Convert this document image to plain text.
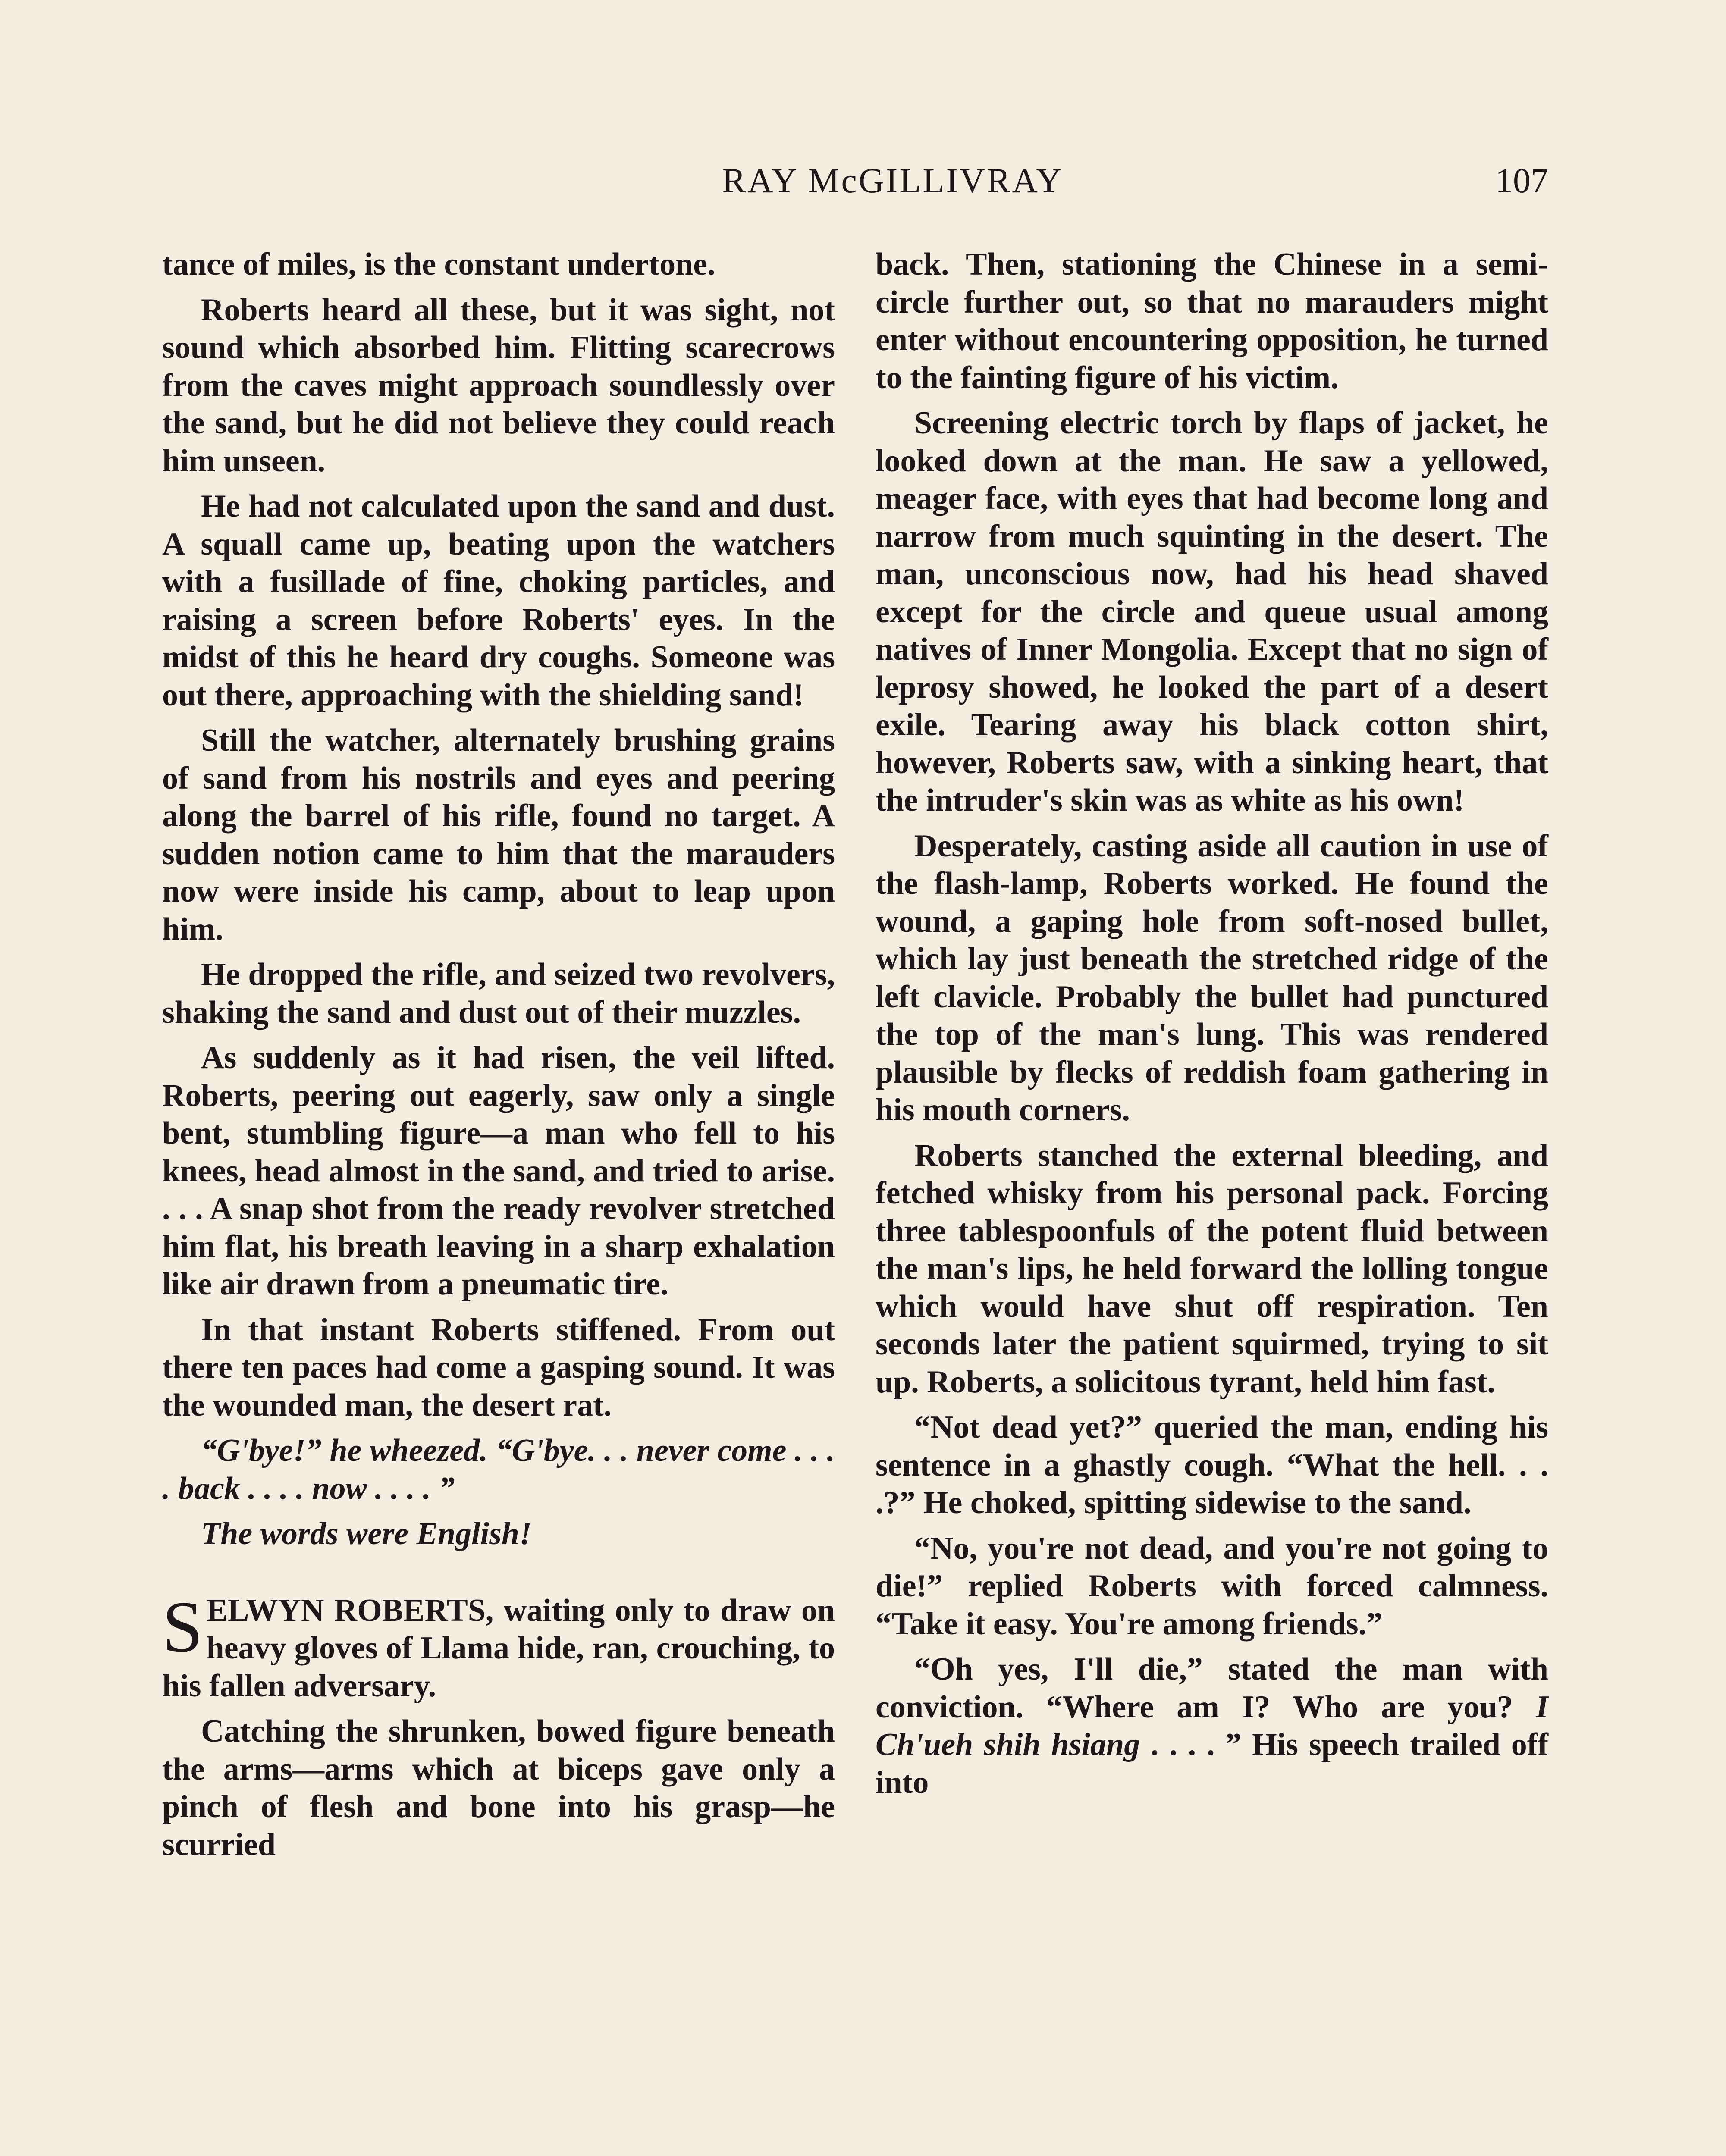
RAY McGILLIVRAY	107

tance of miles, is the constant undertone.

Roberts heard all these, but it was sight, not sound which absorbed him. Flitting scarecrows from the caves might approach soundlessly over the sand, but he did not believe they could reach him unseen.

He had not calculated upon the sand and dust. A squall came up, beating upon the watchers with a fusillade of fine, choking particles, and raising a screen before Roberts' eyes. In the midst of this he heard dry coughs. Someone was out there, approaching with the shielding sand!

Still the watcher, alternately brushing grains of sand from his nostrils and eyes and peering along the barrel of his rifle, found no target. A sudden notion came to him that the marauders now were inside his camp, about to leap upon him.

He dropped the rifle, and seized two revolvers, shaking the sand and dust out of their muzzles.

As suddenly as it had risen, the veil lifted. Roberts, peering out eagerly, saw only a single bent, stumbling figure—a man who fell to his knees, head almost in the sand, and tried to arise. . . . A snap shot from the ready revolver stretched him flat, his breath leaving in a sharp exhalation like air drawn from a pneumatic tire.

In that instant Roberts stiffened. From out there ten paces had come a gasping sound. It was the wounded man, the desert rat.

“G'bye!” he wheezed. “G'bye. . . never come . . . . back . . . . now . . . . ”

The words were English!

SELWYN ROBERTS, waiting only to draw on heavy gloves of Llama hide, ran, crouching, to his fallen adversary.

Catching the shrunken, bowed figure beneath the arms—arms which at biceps gave only a pinch of flesh and bone into his grasp—he scurried

back. Then, stationing the Chinese in a semi-circle further out, so that no marauders might enter without encountering opposition, he turned to the fainting figure of his victim.

Screening electric torch by flaps of jacket, he looked down at the man. He saw a yellowed, meager face, with eyes that had become long and narrow from much squinting in the desert. The man, unconscious now, had his head shaved except for the circle and queue usual among natives of Inner Mongolia. Except that no sign of leprosy showed, he looked the part of a desert exile. Tearing away his black cotton shirt, however, Roberts saw, with a sinking heart, that the intruder's skin was as white as his own!

Desperately, casting aside all caution in use of the flash-lamp, Roberts worked. He found the wound, a gaping hole from soft-nosed bullet, which lay just beneath the stretched ridge of the left clavicle. Probably the bullet had punctured the top of the man's lung. This was rendered plausible by flecks of reddish foam gathering in his mouth corners.

Roberts stanched the external bleeding, and fetched whisky from his personal pack. Forcing three tablespoonfuls of the potent fluid between the man's lips, he held forward the lolling tongue which would have shut off respiration. Ten seconds later the patient squirmed, trying to sit up. Roberts, a solicitous tyrant, held him fast.

“Not dead yet?” queried the man, ending his sentence in a ghastly cough. “What the hell. . . .?” He choked, spitting sidewise to the sand.

“No, you're not dead, and you're not going to die!” replied Roberts with forced calmness. “Take it easy. You're among friends.”

“Oh yes, I'll die,” stated the man with conviction. “Where am I? Who are you? I Ch'ueh shih hsiang . . . . ” His speech trailed off into
